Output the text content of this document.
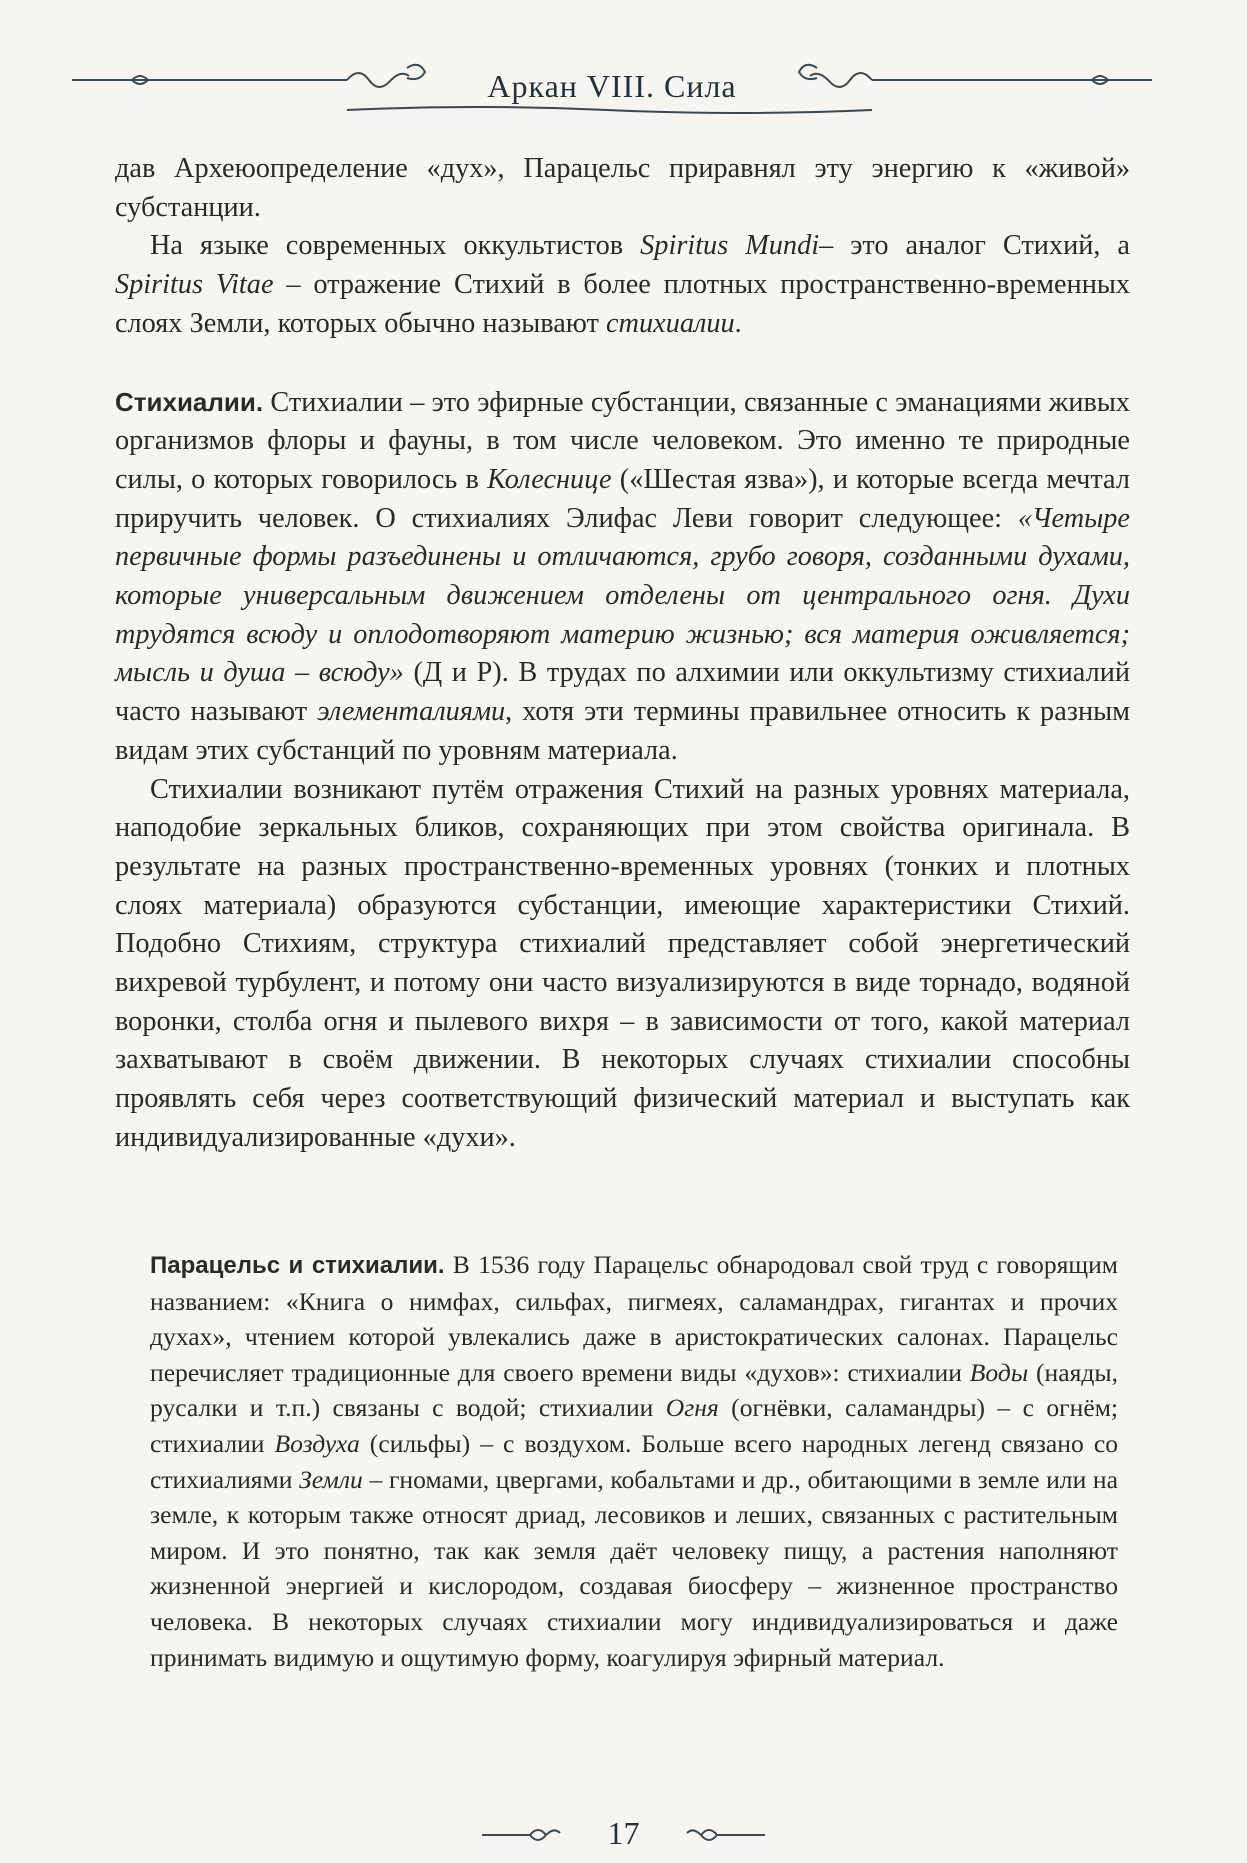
Аркан VIII. Сила

дав Археюопределение «дух», Парацельс приравнял эту энергию к «живой» субстанции.

На языке современных оккультистов Spiritus Mundi– это аналог Стихий, а Spiritus Vitae – отражение Стихий в более плотных пространственно-временных слоях Земли, которых обычно называют стихиалии.

Стихиалии. Стихиалии – это эфирные субстанции, связанные с эманациями живых организмов флоры и фауны, в том числе человеком. Это именно те природные силы, о которых говорилось в Колеснице («Шестая язва»), и которые всегда мечтал приручить человек. О стихиалиях Элифас Леви говорит следующее: «Четыре первичные формы разъединены и отличаются, грубо говоря, созданными духами, которые универсальным движением отделены от центрального огня. Духи трудятся всюду и оплодотворяют материю жизнью; вся материя оживляется; мысль и душа – всюду» (Д и Р). В трудах по алхимии или оккультизму стихиалий часто называют элементалиями, хотя эти термины правильнее относить к разным видам этих субстанций по уровням материала.

Стихиалии возникают путём отражения Стихий на разных уровнях материала, наподобие зеркальных бликов, сохраняющих при этом свойства оригинала. В результате на разных пространственно-временных уровнях (тонких и плотных слоях материала) образуются субстанции, имеющие характеристики Стихий. Подобно Стихиям, структура стихиалий представляет собой энергетический вихревой турбулент, и потому они часто визуализируются в виде торнадо, водяной воронки, столба огня и пылевого вихря – в зависимости от того, какой материал захватывают в своём движении. В некоторых случаях стихиалии способны проявлять себя через соответствующий физический материал и выступать как индивидуализированные «духи».

Парацельс и стихиалии. В 1536 году Парацельс обнародовал свой труд с говорящим названием: «Книга о нимфах, сильфах, пигмеях, саламандрах, гигантах и прочих духах», чтением которой увлекались даже в аристократических салонах. Парацельс перечисляет традиционные для своего времени виды «духов»: стихиалии Воды (наяды, русалки и т.п.) связаны с водой; стихиалии Огня (огнёвки, саламандры) – с огнём; стихиалии Воздуха (сильфы) – с воздухом. Больше всего народных легенд связано со стихиалиями Земли – гномами, цвергами, кобальтами и др., обитающими в земле или на земле, к которым также относят дриад, лесовиков и леших, связанных с растительным миром. И это понятно, так как земля даёт человеку пищу, а растения наполняют жизненной энергией и кислородом, создавая биосферу – жизненное пространство человека. В некоторых случаях стихиалии могу индивидуализироваться и даже принимать видимую и ощутимую форму, коагулируя эфирный материал.

17
